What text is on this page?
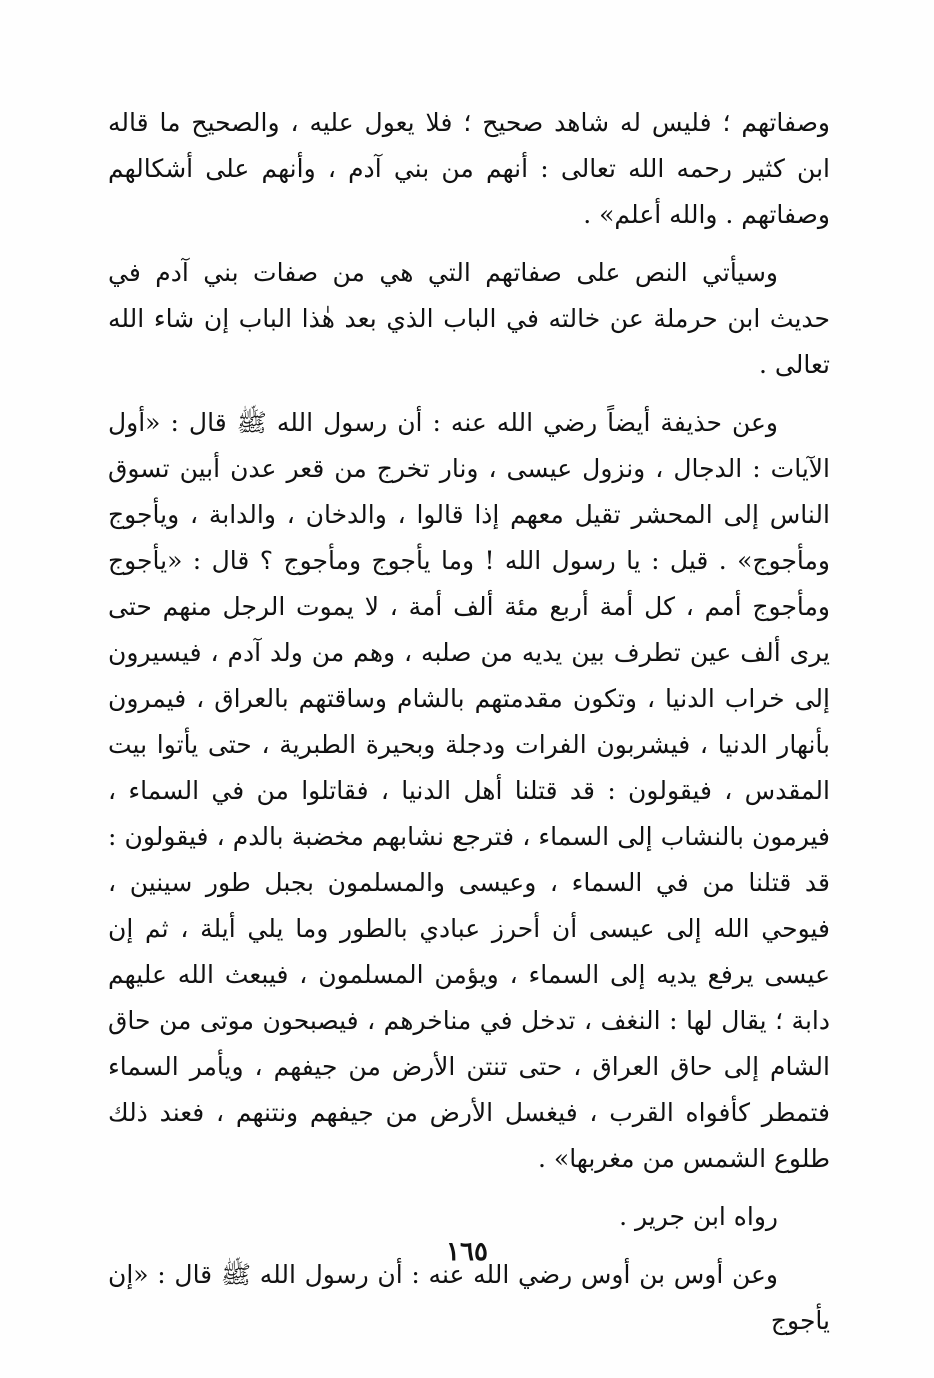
وصفاتهم ؛ فليس له شاهد صحيح ؛ فلا يعول عليه ، والصحيح ما قاله ابن كثير رحمه الله تعالى : أنهم من بني آدم ، وأنهم على أشكالهم وصفاتهم . والله أعلم» .

وسيأتي النص على صفاتهم التي هي من صفات بني آدم في حديث ابن حرملة عن خالته في الباب الذي بعد هٰذا الباب إن شاء الله تعالى .

وعن حذيفة أيضاً رضي الله عنه : أن رسول الله ﷺ قال : «أول الآيات : الدجال ، ونزول عيسى ، ونار تخرج من قعر عدن أبين تسوق الناس إلى المحشر تقيل معهم إذا قالوا ، والدخان ، والدابة ، ويأجوج ومأجوج» . قيل : يا رسول الله ! وما يأجوج ومأجوج ؟ قال : «يأجوج ومأجوج أمم ، كل أمة أربع مئة ألف أمة ، لا يموت الرجل منهم حتى يرى ألف عين تطرف بين يديه من صلبه ، وهم من ولد آدم ، فيسيرون إلى خراب الدنيا ، وتكون مقدمتهم بالشام وساقتهم بالعراق ، فيمرون بأنهار الدنيا ، فيشربون الفرات ودجلة وبحيرة الطبرية ، حتى يأتوا بيت المقدس ، فيقولون : قد قتلنا أهل الدنيا ، فقاتلوا من في السماء ، فيرمون بالنشاب إلى السماء ، فترجع نشابهم مخضبة بالدم ، فيقولون : قد قتلنا من في السماء ، وعيسى والمسلمون بجبل طور سينين ، فيوحي الله إلى عيسى أن أحرز عبادي بالطور وما يلي أيلة ، ثم إن عيسى يرفع يديه إلى السماء ، ويؤمن المسلمون ، فيبعث الله عليهم دابة ؛ يقال لها : النغف ، تدخل في مناخرهم ، فيصبحون موتى من حاق الشام إلى حاق العراق ، حتى تنتن الأرض من جيفهم ، ويأمر السماء فتمطر كأفواه القرب ، فيغسل الأرض من جيفهم ونتنهم ، فعند ذلك طلوع الشمس من مغربها» .

رواه ابن جرير .

وعن أوس بن أوس رضي الله عنه : أن رسول الله ﷺ قال : «إن يأجوج

١٦٥
